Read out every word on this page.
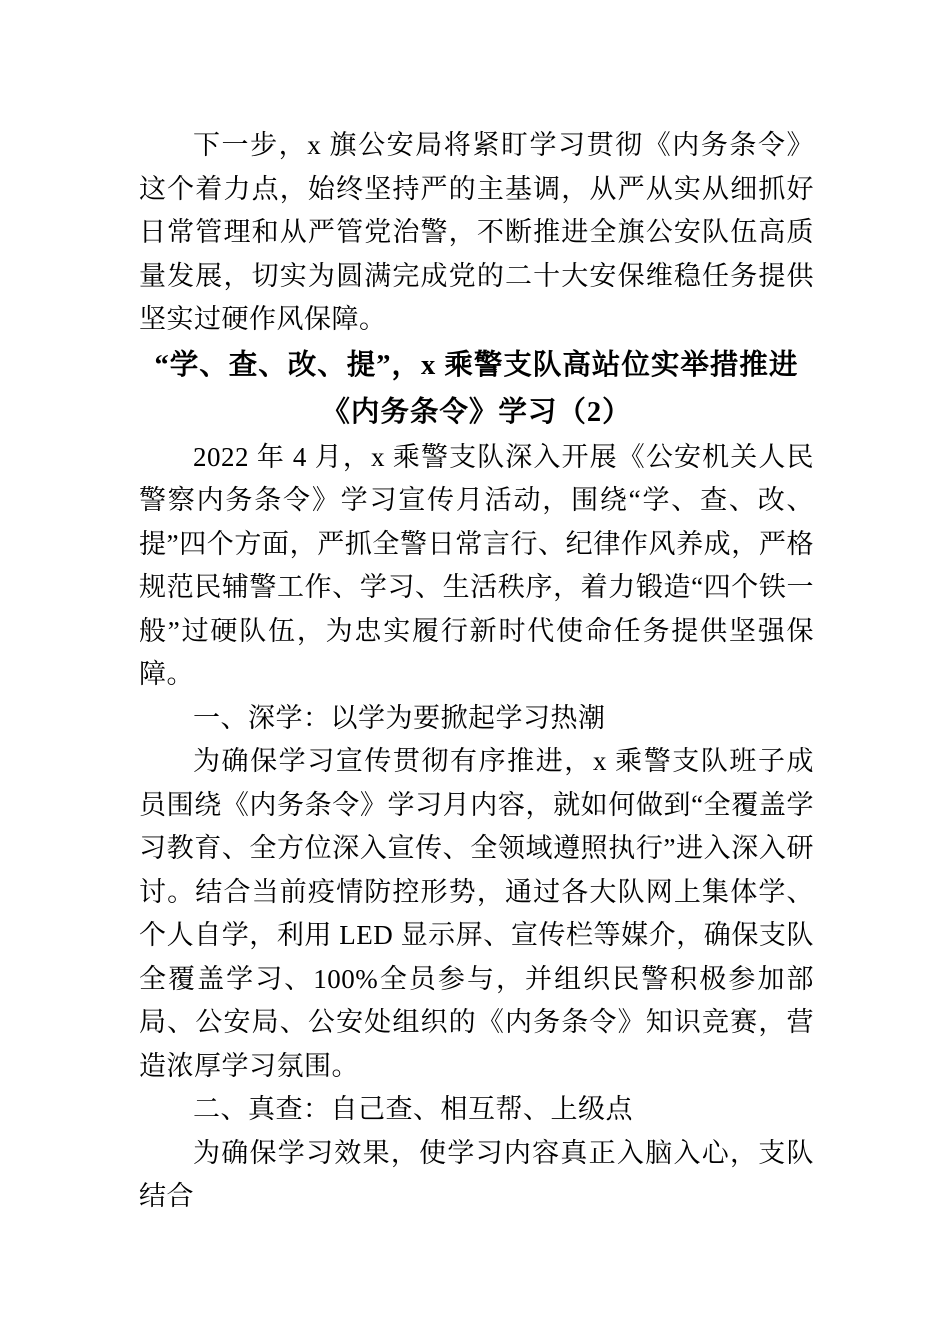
下一步，x 旗公安局将紧盯学习贯彻《内务条令》这个着力点，始终坚持严的主基调，从严从实从细抓好日常管理和从严管党治警，不断推进全旗公安队伍高质量发展，切实为圆满完成党的二十大安保维稳任务提供坚实过硬作风保障。

“学、查、改、提”，x 乘警支队高站位实举措推进《内务条令》学习（2）

2022 年 4 月，x 乘警支队深入开展《公安机关人民警察内务条令》学习宣传月活动，围绕“学、查、改、提”四个方面，严抓全警日常言行、纪律作风养成，严格规范民辅警工作、学习、生活秩序，着力锻造“四个铁一般”过硬队伍，为忠实履行新时代使命任务提供坚强保障。

一、深学：以学为要掀起学习热潮

为确保学习宣传贯彻有序推进，x 乘警支队班子成员围绕《内务条令》学习月内容，就如何做到“全覆盖学习教育、全方位深入宣传、全领域遵照执行”进入深入研讨。结合当前疫情防控形势，通过各大队网上集体学、个人自学，利用 LED 显示屏、宣传栏等媒介，确保支队全覆盖学习、100%全员参与，并组织民警积极参加部局、公安局、公安处组织的《内务条令》知识竞赛，营造浓厚学习氛围。

二、真查：自己查、相互帮、上级点

为确保学习效果，使学习内容真正入脑入心，支队结合
